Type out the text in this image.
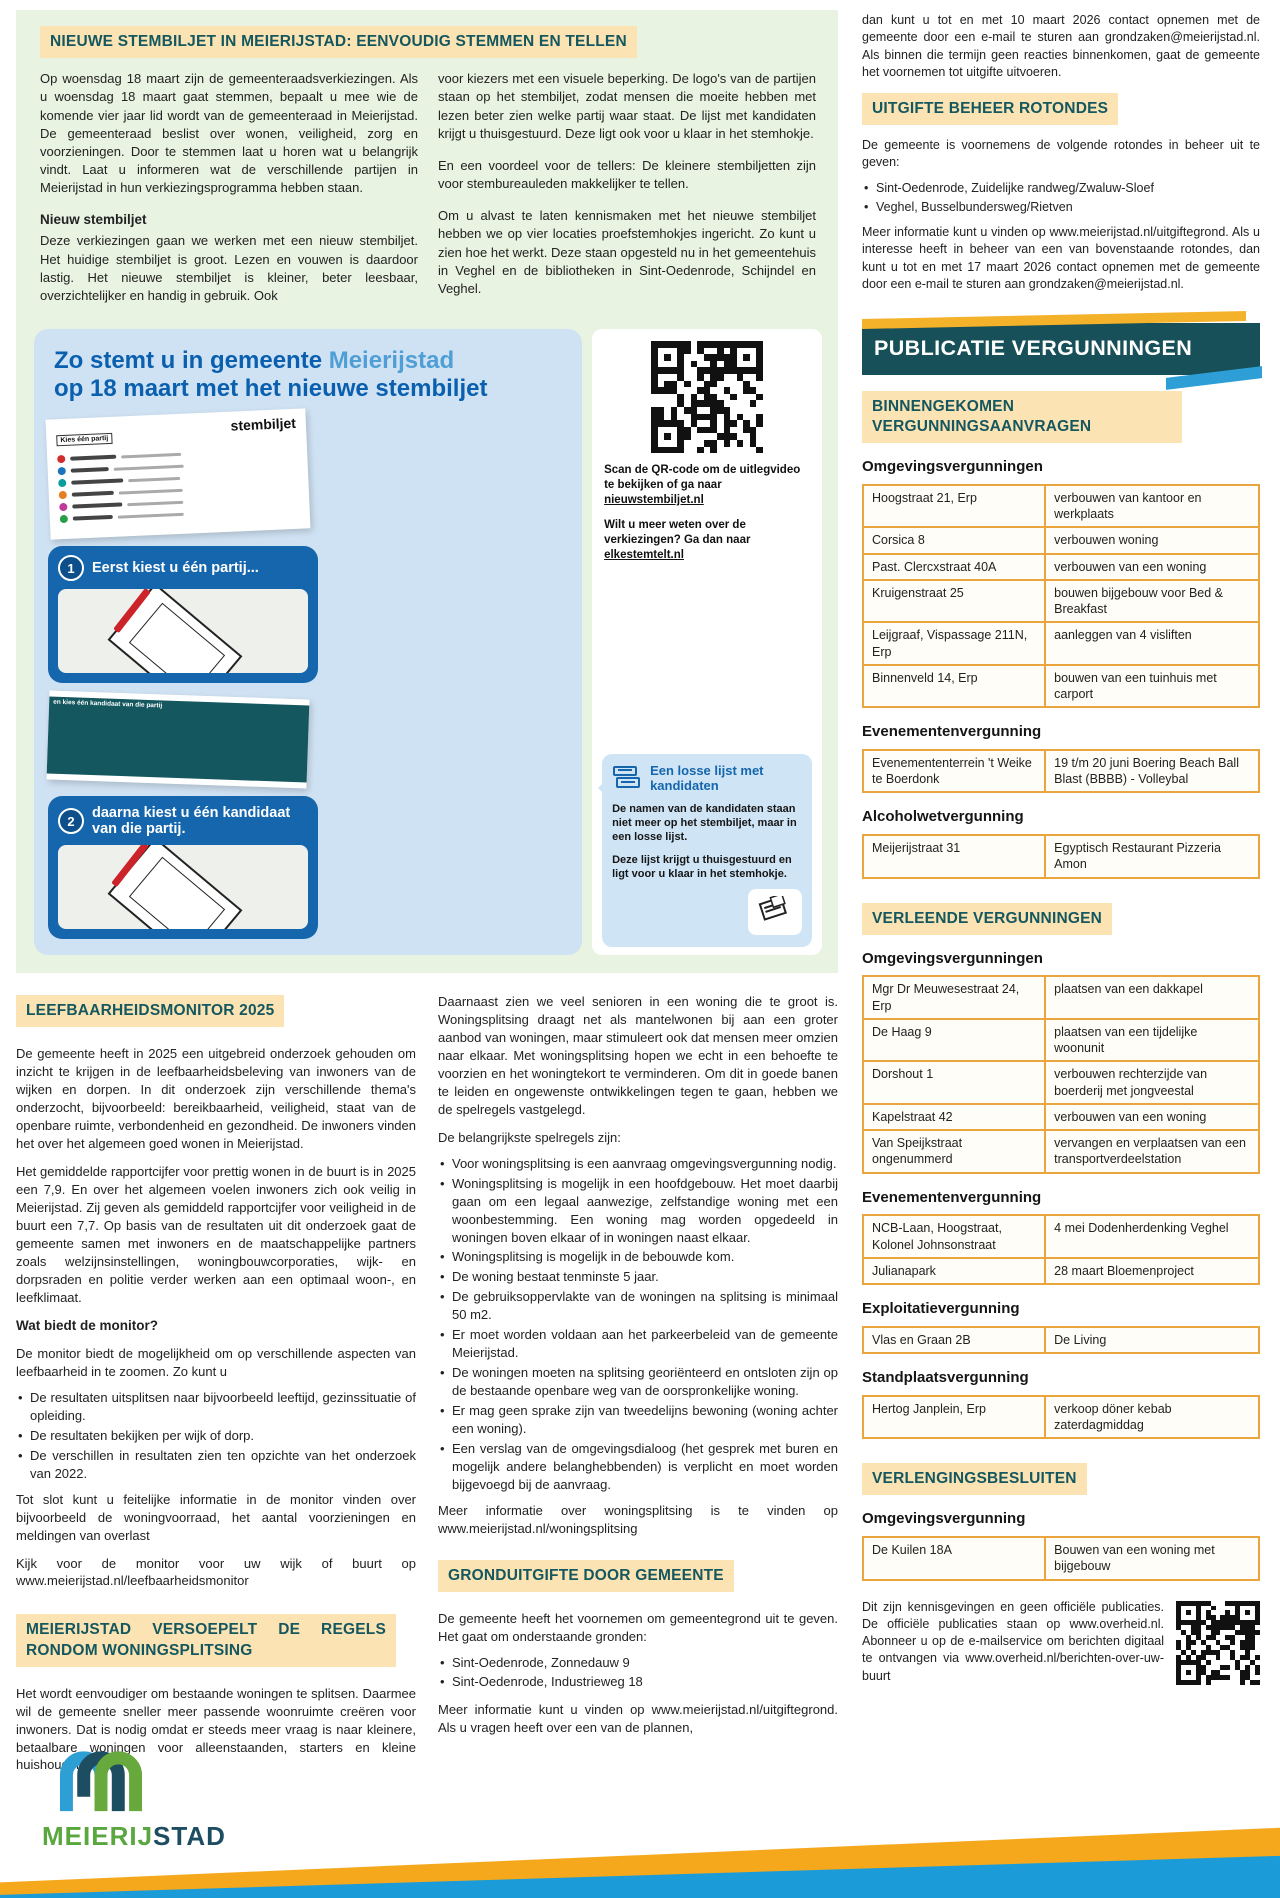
NIEUWE STEMBILJET IN MEIERIJSTAD: EENVOUDIG STEMMEN EN TELLEN

Op woensdag 18 maart zijn de gemeenteraadsverkiezingen. Als u woensdag 18 maart gaat stemmen, bepaalt u mee wie de komende vier jaar lid wordt van de gemeenteraad in Meierijstad. De gemeenteraad beslist over wonen, veiligheid, zorg en voorzieningen. Door te stemmen laat u horen wat u belangrijk vindt. Laat u informeren wat de verschillende partijen in Meierijstad in hun verkiezingsprogramma hebben staan.

Nieuw stembiljet

Deze verkiezingen gaan we werken met een nieuw stembiljet. Het huidige stembiljet is groot. Lezen en vouwen is daardoor lastig. Het nieuwe stembiljet is kleiner, beter leesbaar, overzichtelijker en handig in gebruik. Ook

voor kiezers met een visuele beperking. De logo's van de partijen staan op het stembiljet, zodat mensen die moeite hebben met lezen beter zien welke partij waar staat. De lijst met kandidaten krijgt u thuisgestuurd. Deze ligt ook voor u klaar in het stemhokje.

En een voordeel voor de tellers: De kleinere stembiljetten zijn voor stembureauleden makkelijker te tellen.

Om u alvast te laten kennismaken met het nieuwe stembiljet hebben we op vier locaties proefstemhokjes ingericht. Zo kunt u zien hoe het werkt. Deze staan opgesteld nu in het gemeentehuis in Veghel en de bibliotheken in Sint-Oedenrode, Schijndel en Veghel.

Zo stemt u in gemeente Meierijstad
op 18 maart met het nieuwe stembiljet
stembiljet
Kies één partij
1	Eerst kiest u één partij...
en kies één kandidaat van die partij
2	daarna kiest u één kandidaat van die partij.

Scan de QR-code om de uitlegvideo te bekijken of ga naar nieuwstembiljet.nl

Wilt u meer weten over de verkiezingen? Ga dan naar elkestemtelt.nl

Een losse lijst met kandidaten

De namen van de kandidaten staan niet meer op het stembiljet, maar in een losse lijst.

Deze lijst krijgt u thuisgestuurd en ligt voor u klaar in het stemhokje.

LEEFBAARHEIDSMONITOR 2025

De gemeente heeft in 2025 een uitgebreid onderzoek gehouden om inzicht te krijgen in de leefbaarheidsbeleving van inwoners van de wijken en dorpen. In dit onderzoek zijn verschillende thema's onderzocht, bijvoorbeeld: bereikbaarheid, veiligheid, staat van de openbare ruimte, verbondenheid en gezondheid. De inwoners vinden het over het algemeen goed wonen in Meierijstad.

Het gemiddelde rapportcijfer voor prettig wonen in de buurt is in 2025 een 7,9. En over het algemeen voelen inwoners zich ook veilig in Meierijstad. Zij geven als gemiddeld rapportcijfer voor veiligheid in de buurt een 7,7. Op basis van de resultaten uit dit onderzoek gaat de gemeente samen met inwoners en de maatschappelijke partners zoals welzijnsinstellingen, woningbouwcorporaties, wijk- en dorpsraden en politie verder werken aan een optimaal woon-, en leefklimaat.

Wat biedt de monitor?

De monitor biedt de mogelijkheid om op verschillende aspecten van leefbaarheid in te zoomen. Zo kunt u

• De resultaten uitsplitsen naar bijvoorbeeld leeftijd, gezinssituatie of opleiding.
• De resultaten bekijken per wijk of dorp.
• De verschillen in resultaten zien ten opzichte van het onderzoek van 2022.

Tot slot kunt u feitelijke informatie in de monitor vinden over bijvoorbeeld de woningvoorraad, het aantal voorzieningen en meldingen van overlast

Kijk voor de monitor voor uw wijk of buurt op www.meierijstad.nl/leefbaarheidsmonitor

MEIERIJSTAD VERSOEPELT DE REGELS RONDOM WONINGSPLITSING

Het wordt eenvoudiger om bestaande woningen te splitsen. Daarmee wil de gemeente sneller meer passende woonruimte creëren voor inwoners. Dat is nodig omdat er steeds meer vraag is naar kleinere, betaalbare woningen voor alleenstaanden, starters en kleine huishoudens.

Daarnaast zien we veel senioren in een woning die te groot is. Woningsplitsing draagt net als mantelwonen bij aan een groter aanbod van woningen, maar stimuleert ook dat mensen meer omzien naar elkaar. Met woningsplitsing hopen we echt in een behoefte te voorzien en het woningtekort te verminderen. Om dit in goede banen te leiden en ongewenste ontwikkelingen tegen te gaan, hebben we de spelregels vastgelegd.

De belangrijkste spelregels zijn:

• Voor woningsplitsing is een aanvraag omgevingsvergunning nodig.
• Woningsplitsing is mogelijk in een hoofdgebouw. Het moet daarbij gaan om een legaal aanwezige, zelfstandige woning met een woonbestemming. Een woning mag worden opgedeeld in woningen boven elkaar of in woningen naast elkaar.
• Woningsplitsing is mogelijk in de bebouwde kom.
• De woning bestaat tenminste 5 jaar.
• De gebruiksoppervlakte van de woningen na splitsing is minimaal 50 m2.
• Er moet worden voldaan aan het parkeerbeleid van de gemeente Meierijstad.
• De woningen moeten na splitsing georiënteerd en ontsloten zijn op de bestaande openbare weg van de oorspronkelijke woning.
• Er mag geen sprake zijn van tweedelijns bewoning (woning achter een woning).
• Een verslag van de omgevingsdialoog (het gesprek met buren en mogelijk andere belanghebbenden) is verplicht en moet worden bijgevoegd bij de aanvraag.

Meer informatie over woningsplitsing is te vinden op www.meierijstad.nl/woningsplitsing

GRONDUITGIFTE DOOR GEMEENTE

De gemeente heeft het voornemen om gemeentegrond uit te geven. Het gaat om onderstaande gronden:

• Sint-Oedenrode, Zonnedauw 9
• Sint-Oedenrode, Industrieweg 18

Meer informatie kunt u vinden op www.meierijstad.nl/uitgiftegrond. Als u vragen heeft over een van de plannen,

dan kunt u tot en met 10 maart 2026 contact opnemen met de gemeente door een e-mail te sturen aan grondzaken@meierijstad.nl. Als binnen die termijn geen reacties binnenkomen, gaat de gemeente het voornemen tot uitgifte uitvoeren.

UITGIFTE BEHEER ROTONDES

De gemeente is voornemens de volgende rotondes in beheer uit te geven:

• Sint-Oedenrode, Zuidelijke randweg/Zwaluw-Sloef
• Veghel, Busselbundersweg/Rietven

Meer informatie kunt u vinden op www.meierijstad.nl/uitgiftegrond. Als u interesse heeft in beheer van een van bovenstaande rotondes, dan kunt u tot en met 17 maart 2026 contact opnemen met de gemeente door een e-mail te sturen aan grondzaken@meierijstad.nl.

PUBLICATIE VERGUNNINGEN
BINNENGEKOMEN VERGUNNINGSAANVRAGEN
Omgevingsvergunningen
Hoogstraat 21, Erp	verbouwen van kantoor en werkplaats
Corsica 8	verbouwen woning
Past. Clercxstraat 40A	verbouwen van een woning
Kruigenstraat 25	bouwen bijgebouw voor Bed & Breakfast
Leijgraaf, Vispassage 211N, Erp	aanleggen van 4 visliften
Binnenveld 14, Erp	bouwen van een tuinhuis met carport
Evenementenvergunning
Evenemententerrein 't Weike te Boerdonk	19 t/m 20 juni Boering Beach Ball Blast (BBBB) - Volleybal
Alcoholwetvergunning
Meijerijstraat 31	Egyptisch Restaurant Pizzeria Amon
VERLEENDE VERGUNNINGEN
Omgevingsvergunningen
Mgr Dr Meuwesestraat 24, Erp	plaatsen van een dakkapel
De Haag 9	plaatsen van een tijdelijke woonunit
Dorshout 1	verbouwen rechterzijde van boerderij met jongveestal
Kapelstraat 42	verbouwen van een woning
Van Speijkstraat ongenummerd	vervangen en verplaatsen van een transportverdeelstation
Evenementenvergunning
NCB-Laan, Hoogstraat, Kolonel Johnsonstraat	4 mei Dodenherdenking Veghel
Julianapark	28 maart Bloemenproject
Exploitatievergunning
Vlas en Graan 2B	De Living
Standplaatsvergunning
Hertog Janplein, Erp	verkoop döner kebab zaterdagmiddag
VERLENGINGSBESLUITEN
Omgevingsvergunning
De Kuilen 18A	Bouwen van een woning met bijgebouw
Dit zijn kennisgevingen en geen officiële publicaties. De officiële publicaties staan op www.overheid.nl. Abonneer u op de e-mailservice om berichten digitaal te ontvangen via www.overheid.nl/berichten-over-uw-buurt
MEIERIJSTAD
